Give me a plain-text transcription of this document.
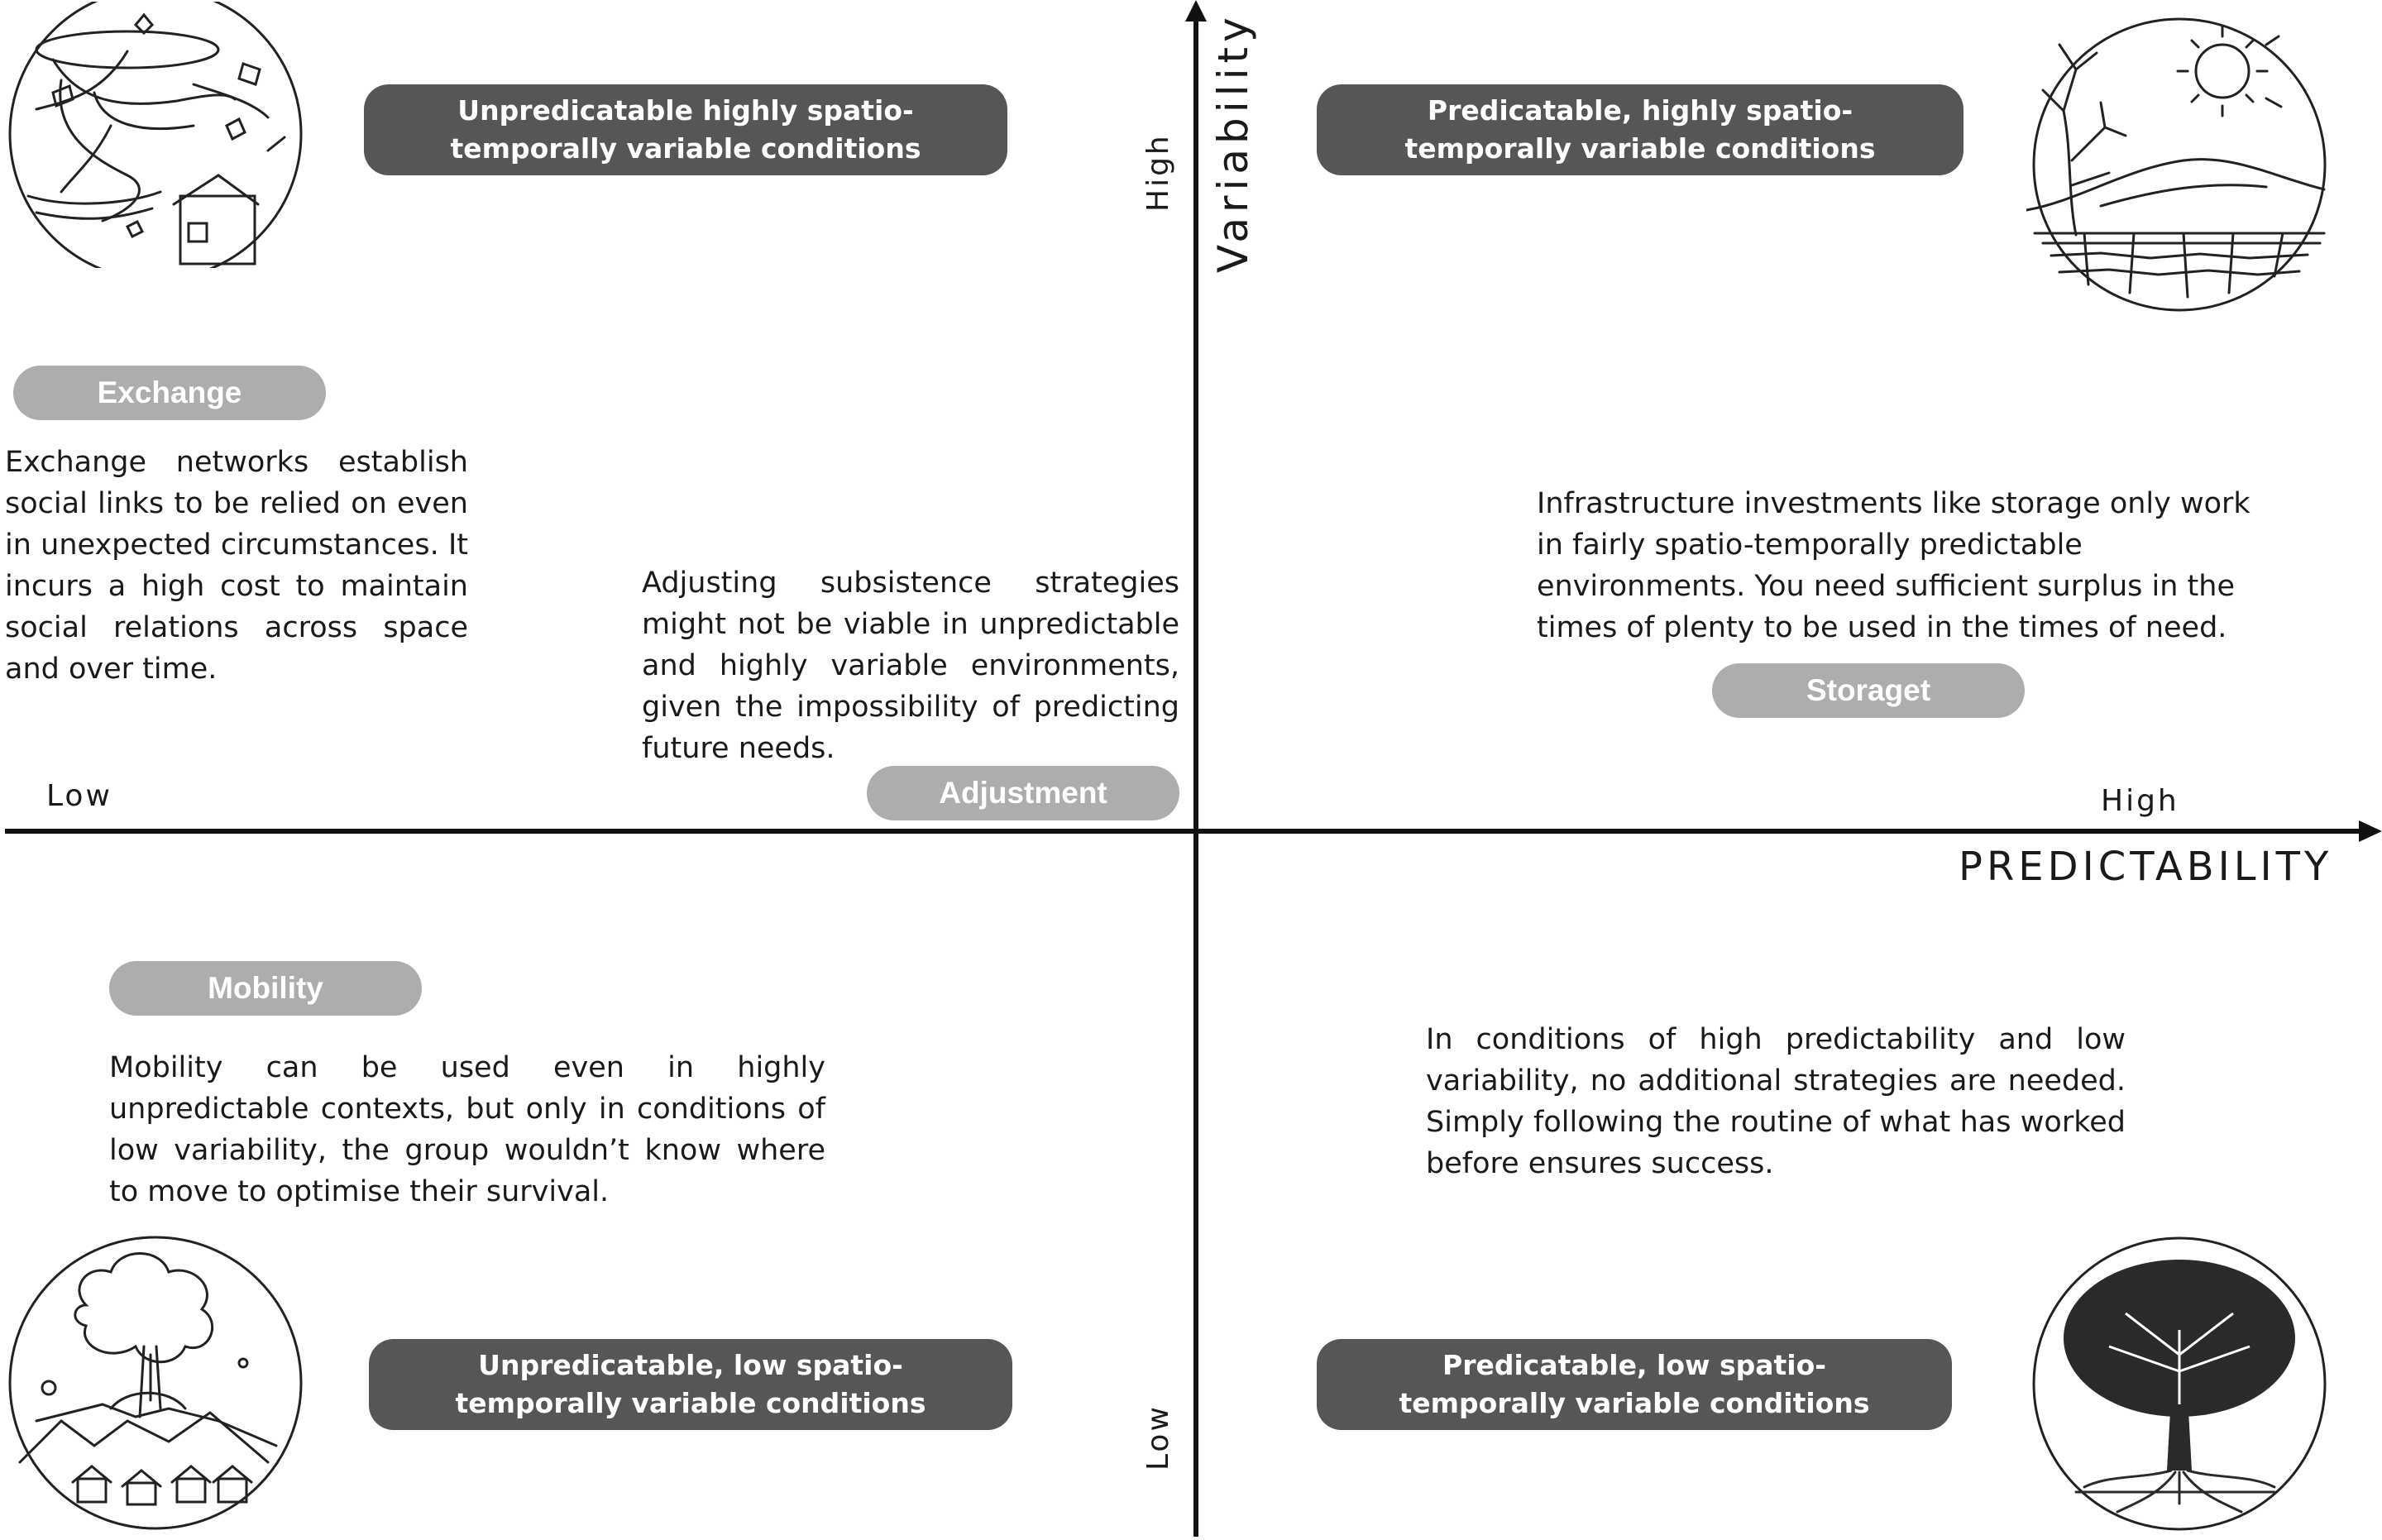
Low	High
PREDICTABILITY
Variability
High
Low
Unpredicatable highly spatio-
temporally variable conditions
Predicatable, highly spatio-
temporally variable conditions
Unpredicatable, low spatio-
temporally variable conditions
Predicatable, low spatio-
temporally variable conditions
Exchange
Adjustment
Storaget
Mobility
Exchange networks establish social links to be relied on even in unexpected circumstances. It incurs a high cost to maintain social relations across space and over time.
Adjusting subsistence strategies might not be viable in unpredictable and highly variable environments, given the impossibility of predicting future needs.
Infrastructure investments like storage only work in fairly spatio-temporally predictable environments. You need sufficient surplus in the times of plenty to be used in the times of need.
Mobility can be used even in highly unpredictable contexts, but only in conditions of low variability, the group wouldn’t know where to move to optimise their survival.
In conditions of high predictability and low variability, no additional strategies are needed. Simply following the routine of what has worked before ensures success.
